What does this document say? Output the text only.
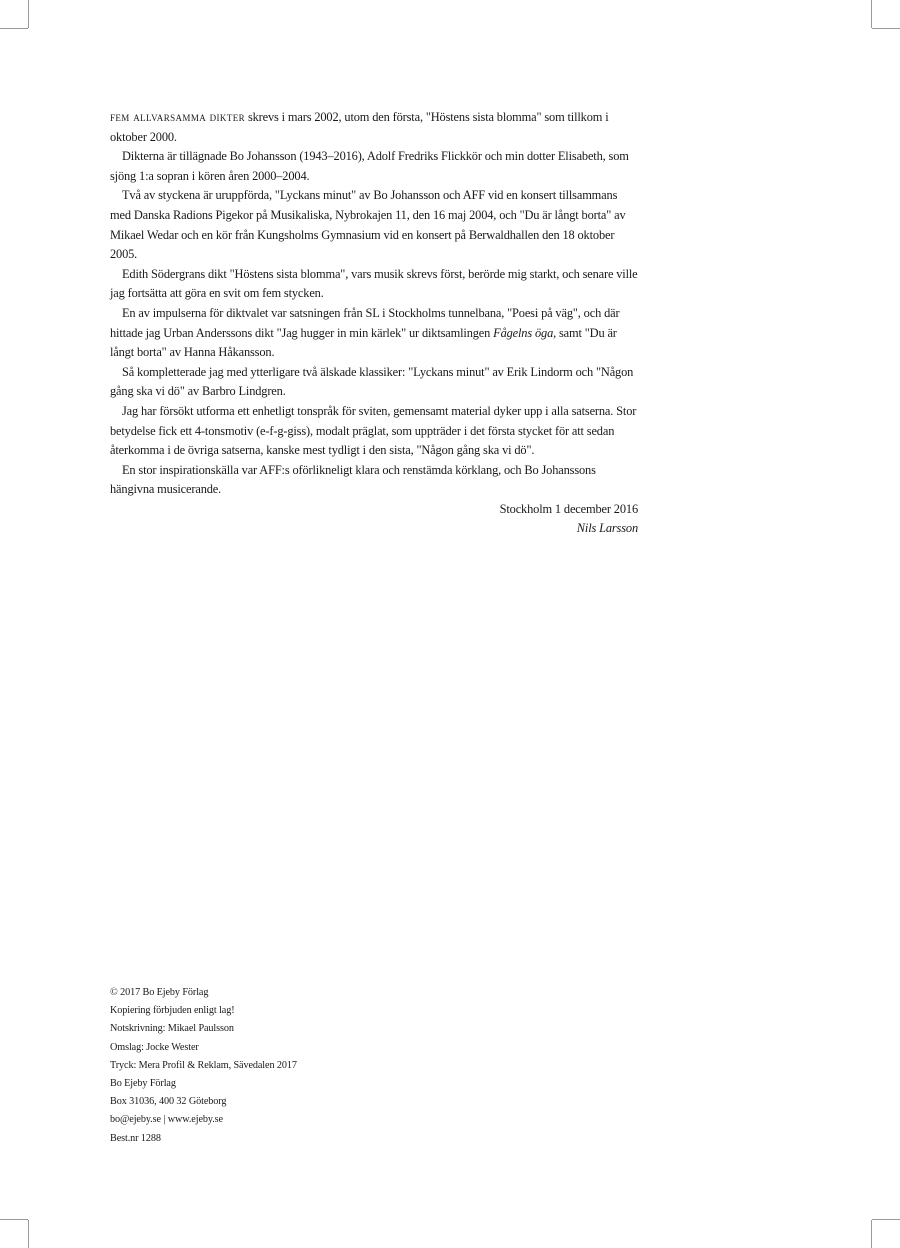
fem allvarsamma dikter skrevs i mars 2002, utom den första, "Höstens sista blomma" som tillkom i oktober 2000.

Dikterna är tillägnade Bo Johansson (1943–2016), Adolf Fredriks Flickkör och min dotter Elisabeth, som sjöng 1:a sopran i kören åren 2000–2004.

Två av styckena är uruppförda, "Lyckans minut" av Bo Johansson och AFF vid en konsert tillsammans med Danska Radions Pigekor på Musikaliska, Nybrokajen 11, den 16 maj 2004, och "Du är långt borta" av Mikael Wedar och en kör från Kungsholms Gymnasium vid en konsert på Berwaldhallen den 18 oktober 2005.

Edith Södergrans dikt "Höstens sista blomma", vars musik skrevs först, berörde mig starkt, och senare ville jag fortsätta att göra en svit om fem stycken.

En av impulserna för diktvalet var satsningen från SL i Stockholms tunnelbana, "Poesi på väg", och där hittade jag Urban Anderssons dikt "Jag hugger in min kärlek" ur diktsamlingen Fågelns öga, samt "Du är långt borta" av Hanna Håkansson.

Så kompletterade jag med ytterligare två älskade klassiker: "Lyckans minut" av Erik Lindorm och "Någon gång ska vi dö" av Barbro Lindgren.

Jag har försökt utforma ett enhetligt tonspråk för sviten, gemensamt material dyker upp i alla satserna. Stor betydelse fick ett 4-tonsmotiv (e-f-g-giss), modalt präglat, som uppträder i det första stycket för att sedan återkomma i de övriga satserna, kanske mest tydligt i den sista, "Någon gång ska vi dö".

En stor inspirationskälla var AFF:s oförlikneligt klara och renstämda körklang, och Bo Johanssons hängivna musicerande.

Stockholm 1 december 2016
Nils Larsson
© 2017 Bo Ejeby Förlag
Kopiering förbjuden enligt lag!
Notskrivning: Mikael Paulsson
Omslag: Jocke Wester
Tryck: Mera Profil & Reklam, Sävedalen 2017
Bo Ejeby Förlag
Box 31036, 400 32 Göteborg
bo@ejeby.se | www.ejeby.se
Best.nr 1288
